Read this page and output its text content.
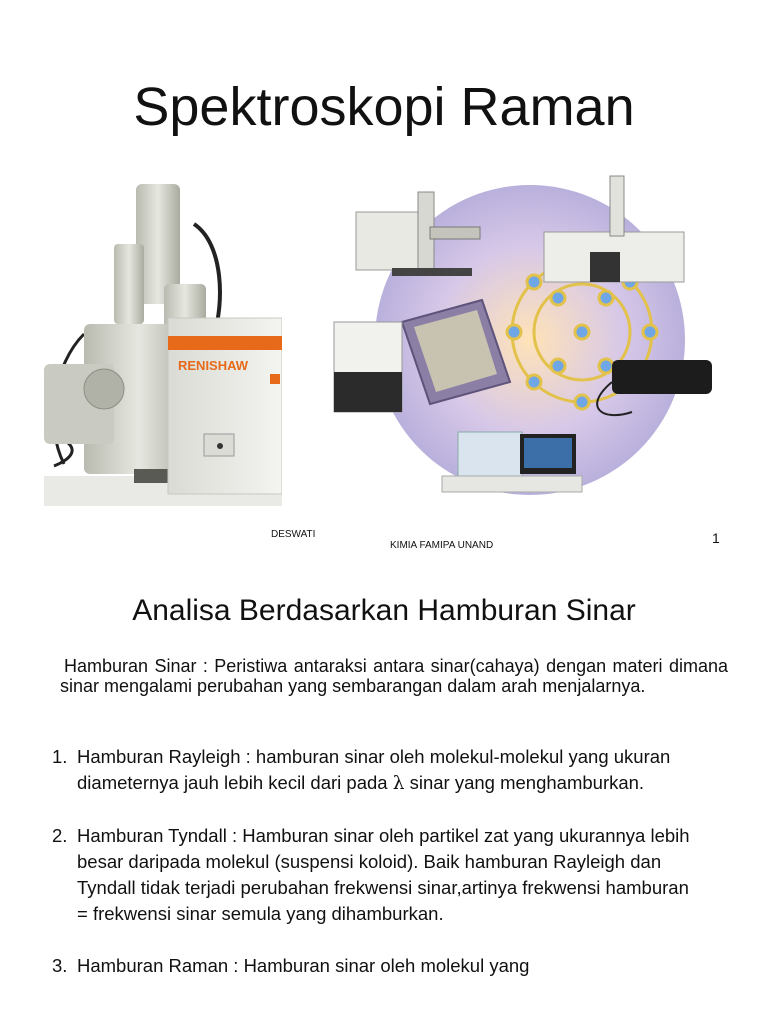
Spektroskopi Raman
RENISHAW
DESWATI
KIMIA FAMIPA UNAND	1
Analisa Berdasarkan Hamburan Sinar

Hamburan Sinar : Peristiwa antaraksi antara sinar(cahaya) dengan materi dimana sinar mengalami perubahan yang sembarangan dalam arah menjalarnya.

1. Hamburan Rayleigh : hamburan sinar oleh molekul-molekul yang ukuran diameternya jauh lebih kecil dari pada λ sinar yang menghamburkan.
2. Hamburan Tyndall : Hamburan sinar oleh partikel zat yang ukurannya lebih besar daripada molekul (suspensi koloid). Baik hamburan Rayleigh dan Tyndall tidak terjadi perubahan frekwensi sinar,artinya frekwensi hamburan = frekwensi sinar semula yang dihamburkan.
3. Hamburan Raman : Hamburan sinar oleh molekul yang
